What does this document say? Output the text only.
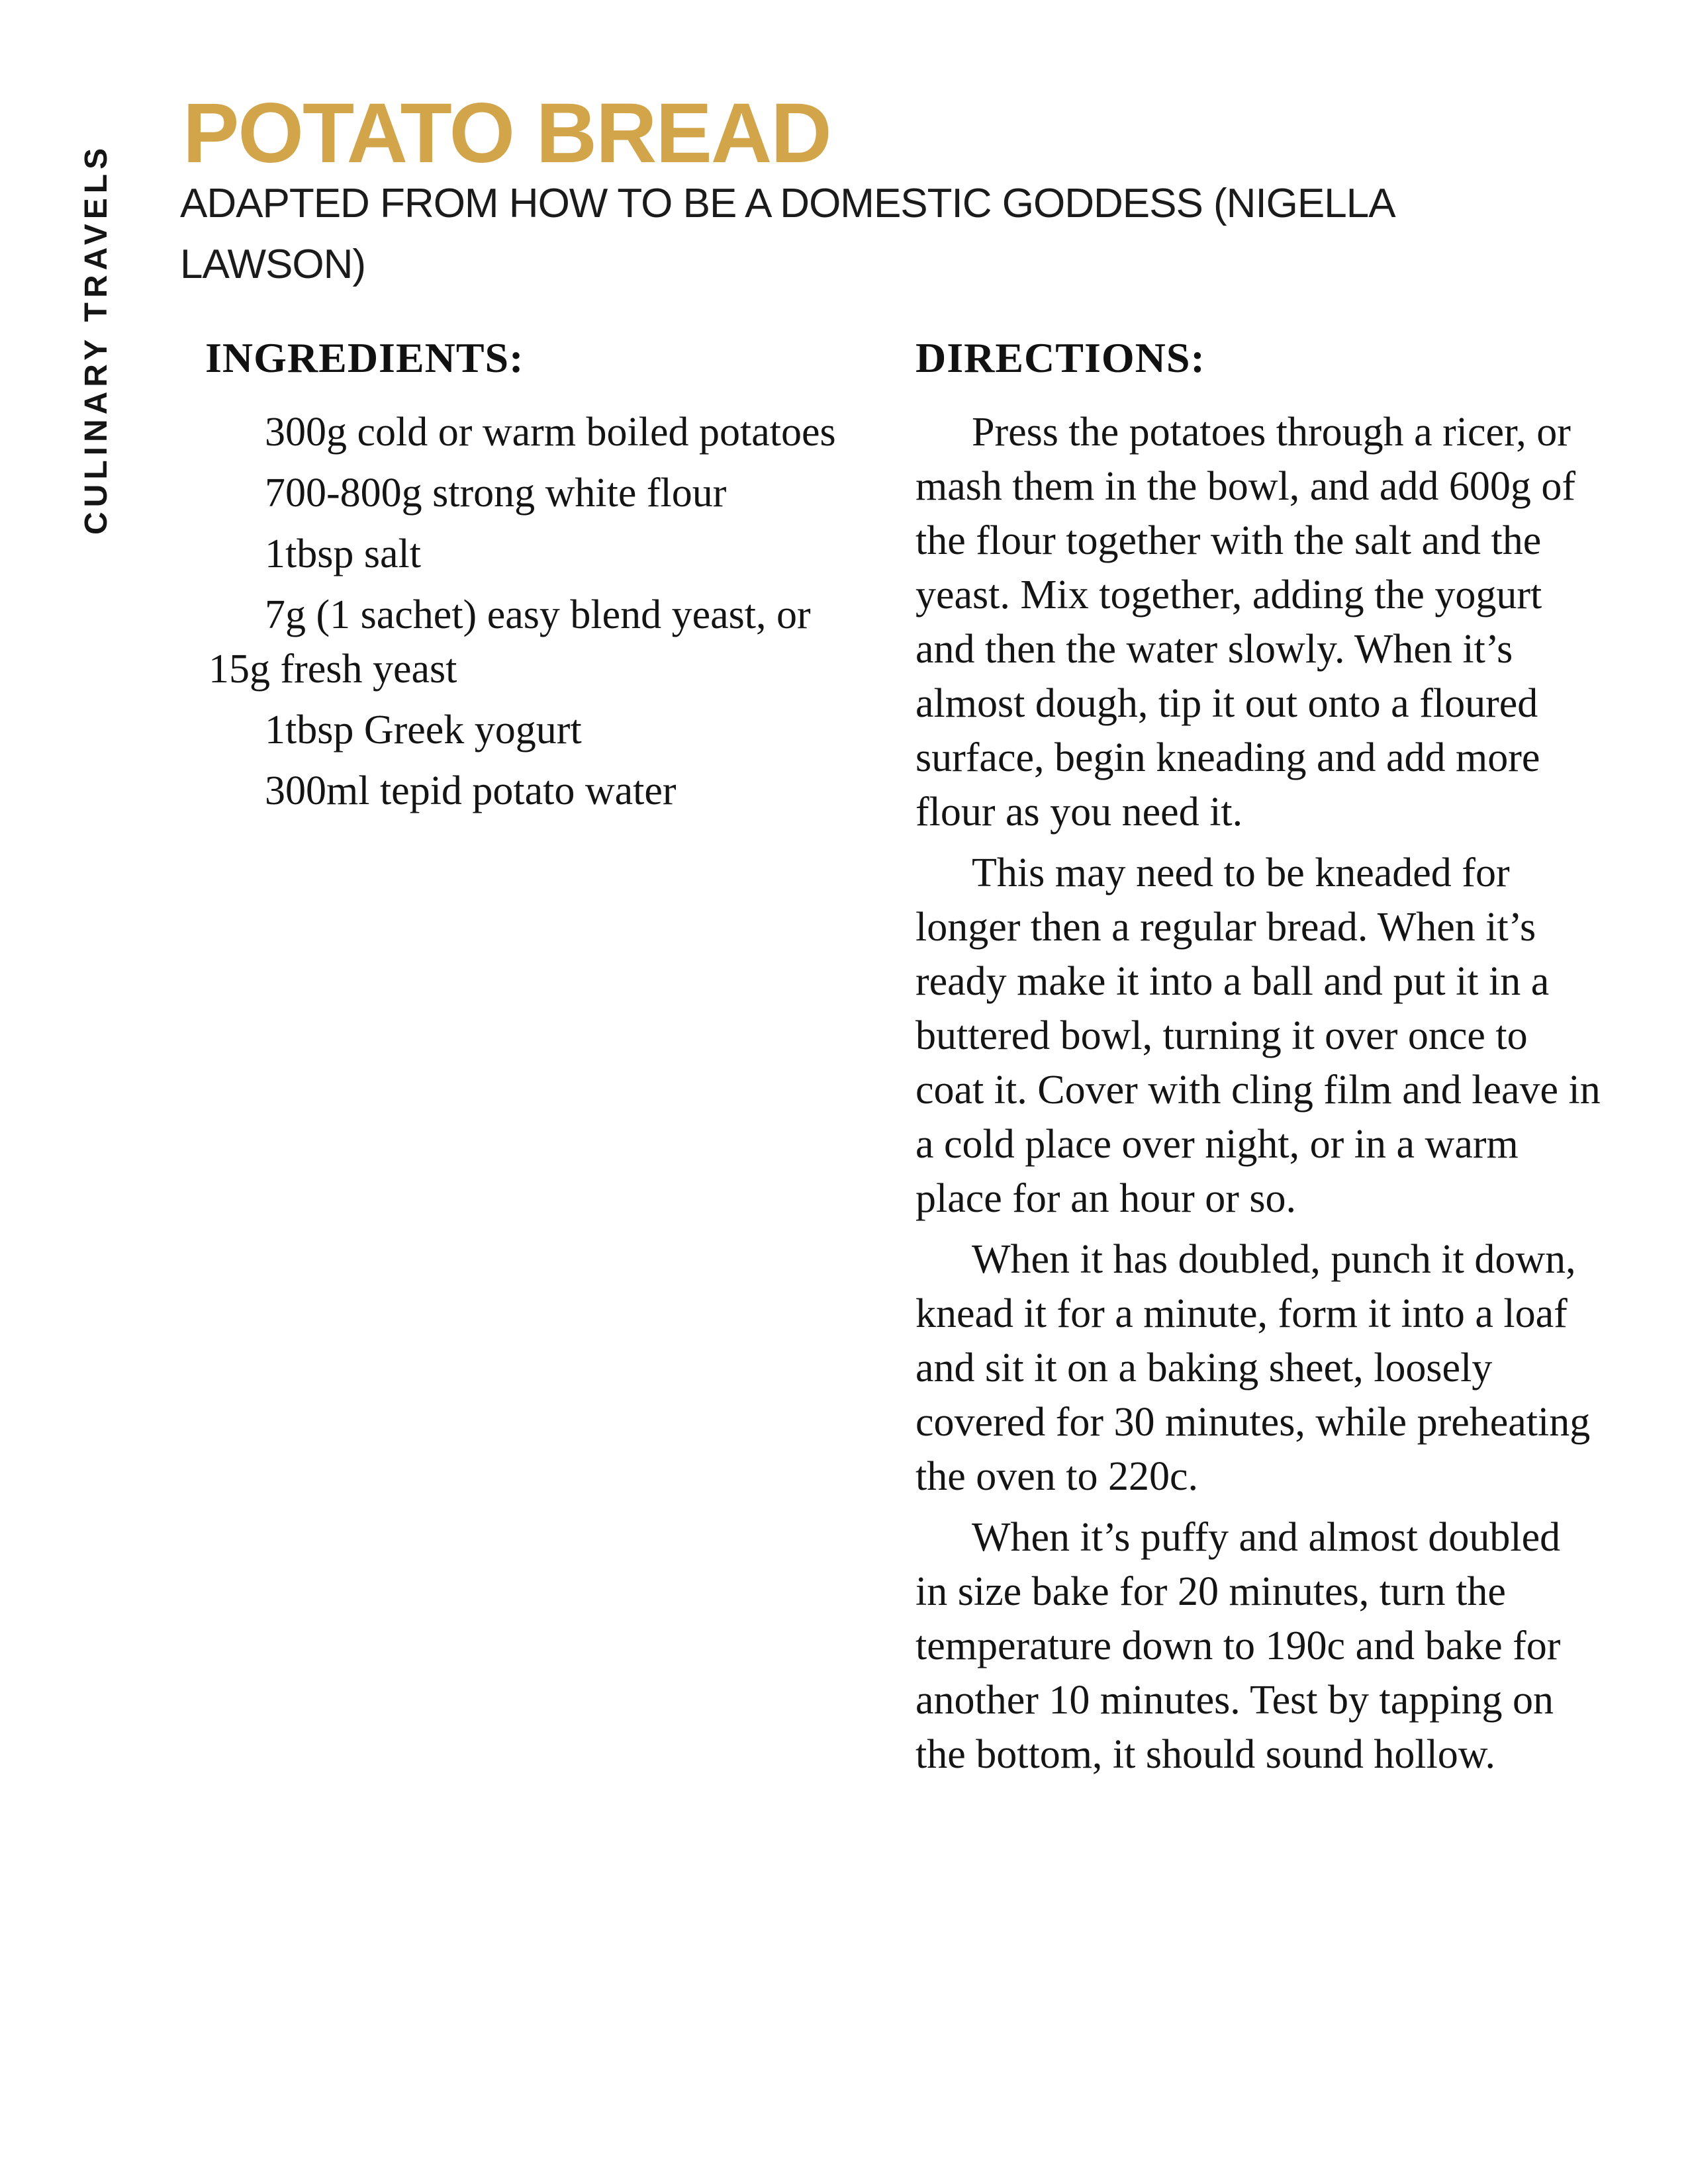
CULINARY TRAVELS
POTATO BREAD
ADAPTED FROM HOW TO BE A DOMESTIC GODDESS (NIGELLA
LAWSON)
INGREDIENTS:

300g cold or warm boiled potatoes

700-800g strong white flour

1tbsp salt

7g (1 sachet) easy blend yeast, or 15g fresh yeast

1tbsp Greek yogurt

300ml tepid potato water

DIRECTIONS:

Press the potatoes through a ricer, or mash them in the bowl, and add 600g of the flour together with the salt and the yeast. Mix together, adding the yogurt and then the water slowly. When it’s almost dough, tip it out onto a floured surface, begin kneading and add more flour as you need it.

This may need to be kneaded for longer then a regular bread. When it’s ready make it into a ball and put it in a buttered bowl, turning it over once to coat it. Cover with cling film and leave in a cold place over night, or in a warm place for an hour or so.

When it has doubled, punch it down, knead it for a minute, form it into a loaf and sit it on a baking sheet, loosely covered for 30 minutes, while preheating the oven to 220c.

When it’s puffy and almost doubled in size bake for 20 minutes, turn the temperature down to 190c and bake for another 10 minutes. Test by tapping on the bottom, it should sound hollow.
